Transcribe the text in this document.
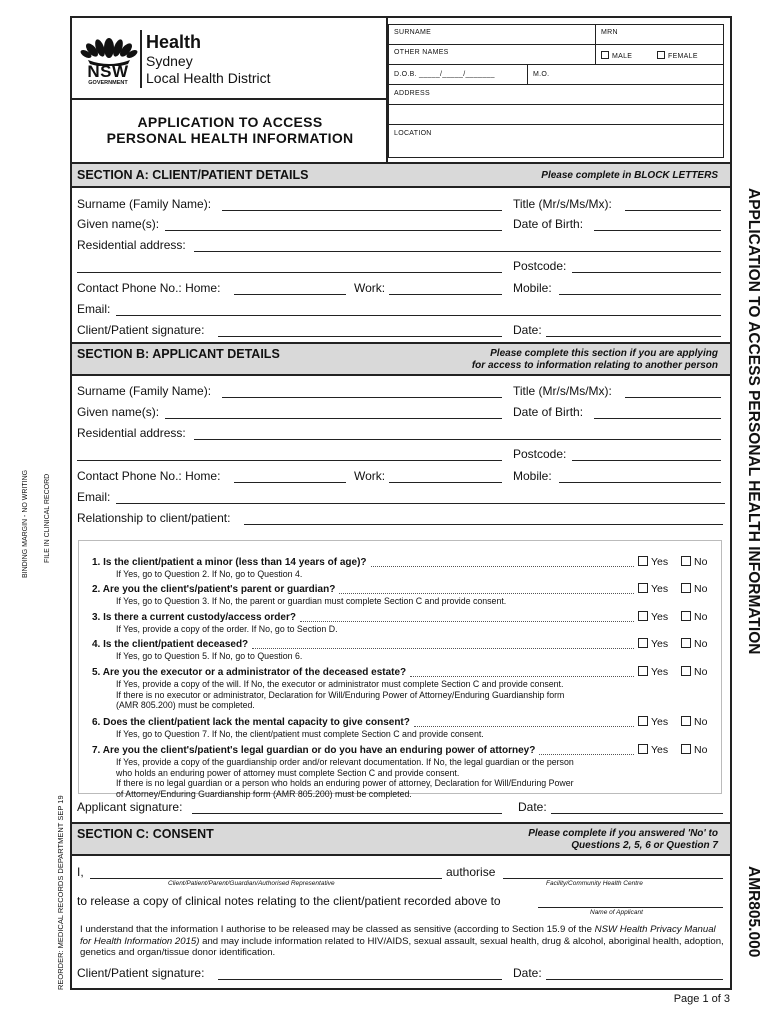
BINDING MARGIN - NO WRITING FILE IN CLINICAL RECORD
REORDER: MEDICAL RECORDS DEPARTMENT SEP 19
APPLICATION TO ACCESS PERSONAL HEALTH INFORMATION
AMR805.000
NSW
GOVERNMENT
Health
Sydney
Local Health District
APPLICATION TO ACCESS
PERSONAL HEALTH INFORMATION
SURNAME	MRN
OTHER NAMES
MALE	FEMALE
D.O.B. _____/_____/_______	M.O.
ADDRESS
LOCATION
SECTION A: CLIENT/PATIENT DETAILS	Please complete in BLOCK LETTERS
Surname (Family Name):	Title (Mr/s/Ms/Mx):
Given name(s):	Date of Birth:
Residential address:
Postcode:
Contact Phone No.: Home:	Work:	Mobile:
Email:
Client/Patient signature:	Date:
SECTION B: APPLICANT DETAILS	Please complete this section if you are applying
for access to information relating to another person
Surname (Family Name):	Title (Mr/s/Ms/Mx):
Given name(s):	Date of Birth:
Residential address:
Postcode:
Contact Phone No.: Home:	Work:	Mobile:
Email:
Relationship to client/patient:
1. Is the client/patient a minor (less than 14 years of age)?	Yes	No
If Yes, go to Question 2. If No, go to Question 4.
2. Are you the client's/patient's parent or guardian?	Yes	No
If Yes, go to Question 3. If No, the parent or guardian must complete Section C and provide consent.
3. Is there a current custody/access order?	Yes	No
If Yes, provide a copy of the order. If No, go to Section D.
4. Is the client/patient deceased?	Yes	No
If Yes, go to Question 5. If No, go to Question 6.
5. Are you the executor or a administrator of the deceased estate?	Yes	No
If Yes, provide a copy of the will. If No, the executor or administrator must complete Section C and provide consent.
If there is no executor or administrator, Declaration for Will/Enduring Power of Attorney/Enduring Guardianship form
(AMR 805.200) must be completed.
6. Does the client/patient lack the mental capacity to give consent?	Yes	No
If Yes, go to Question 7. If No, the client/patient must complete Section C and provide consent.
7. Are you the client's/patient's legal guardian or do you have an enduring power of attorney?	Yes	No
If Yes, provide a copy of the guardianship order and/or relevant documentation. If No, the legal guardian or the person
who holds an enduring power of attorney must complete Section C and provide consent.
If there is no legal guardian or a person who holds an enduring power of attorney, Declaration for Will/Enduring Power
of Attorney/Enduring Guardianship form (AMR 805.200) must be completed.
Applicant signature:	Date:
SECTION C: CONSENT	Please complete if you answered 'No' to
Questions 2, 5, 6 or Question 7
I,
Client/Patient/Parent/Guardian/Authorised Representative
authorise
Facility/Community Health Centre
to release a copy of clinical notes relating to the client/patient recorded above to
Name of Applicant
I understand that the information I authorise to be released may be classed as sensitive (according to Section 15.9 of the NSW Health Privacy Manual for Health Information 2015) and may include information related to HIV/AIDS, sexual assault, sexual health, drug & alcohol, aboriginal health, adoption, genetics and organ/tissue donor identification.
Client/Patient signature:	Date:
Page 1 of 3
